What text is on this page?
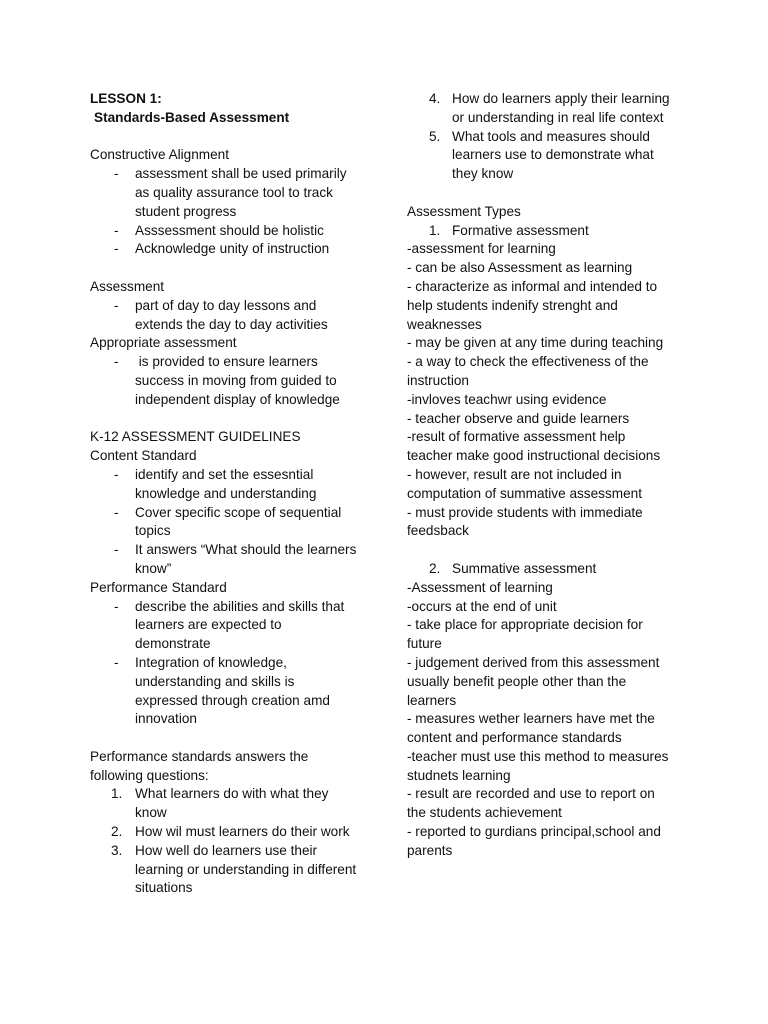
LESSON 1:
Standards-Based Assessment
Constructive Alignment
-	assessment shall be used primarily
as quality assurance tool to track
student progress
-	Asssessment should be holistic
-	Acknowledge unity of instruction
Assessment
-	part of day to day lessons and
extends the day to day activities
Appropriate assessment
-	is provided to ensure learners
success in moving from guided to
independent display of knowledge
K-12 ASSESSMENT GUIDELINES
Content Standard
-	identify and set the essesntial
knowledge and understanding
-	Cover specific scope of sequential
topics
-	It answers “What should the learners
know”
Performance Standard
-	describe the abilities and skills that
learners are expected to
demonstrate
-	Integration of knowledge,
understanding and skills is
expressed through creation amd
innovation
Performance standards answers the
following questions:
1. What learners do with what they
know
2. How wil must learners do their work
3. How well do learners use their
learning or understanding in different
situations
4. How do learners apply their learning
or understanding in real life context
5. What tools and measures should
learners use to demonstrate what
they know
Assessment Types
1. Formative assessment
-assessment for learning
- can be also Assessment as learning
- characterize as informal and intended to
help students indenify strenght and
weaknesses
- may be given at any time during teaching
- a way to check the effectiveness of the
instruction
-invloves teachwr using evidence
- teacher observe and guide learners
-result of formative assessment help
teacher make good instructional decisions
- however, result are not included in
computation of summative assessment
- must provide students with immediate
feedsback
2. Summative assessment
-Assessment of learning
-occurs at the end of unit
- take place for appropriate decision for
future
- judgement derived from this assessment
usually benefit people other than the
learners
- measures wether learners have met the
content and performance standards
-teacher must use this method to measures
studnets learning
- result are recorded and use to report on
the students achievement
- reported to gurdians principal,school and
parents
